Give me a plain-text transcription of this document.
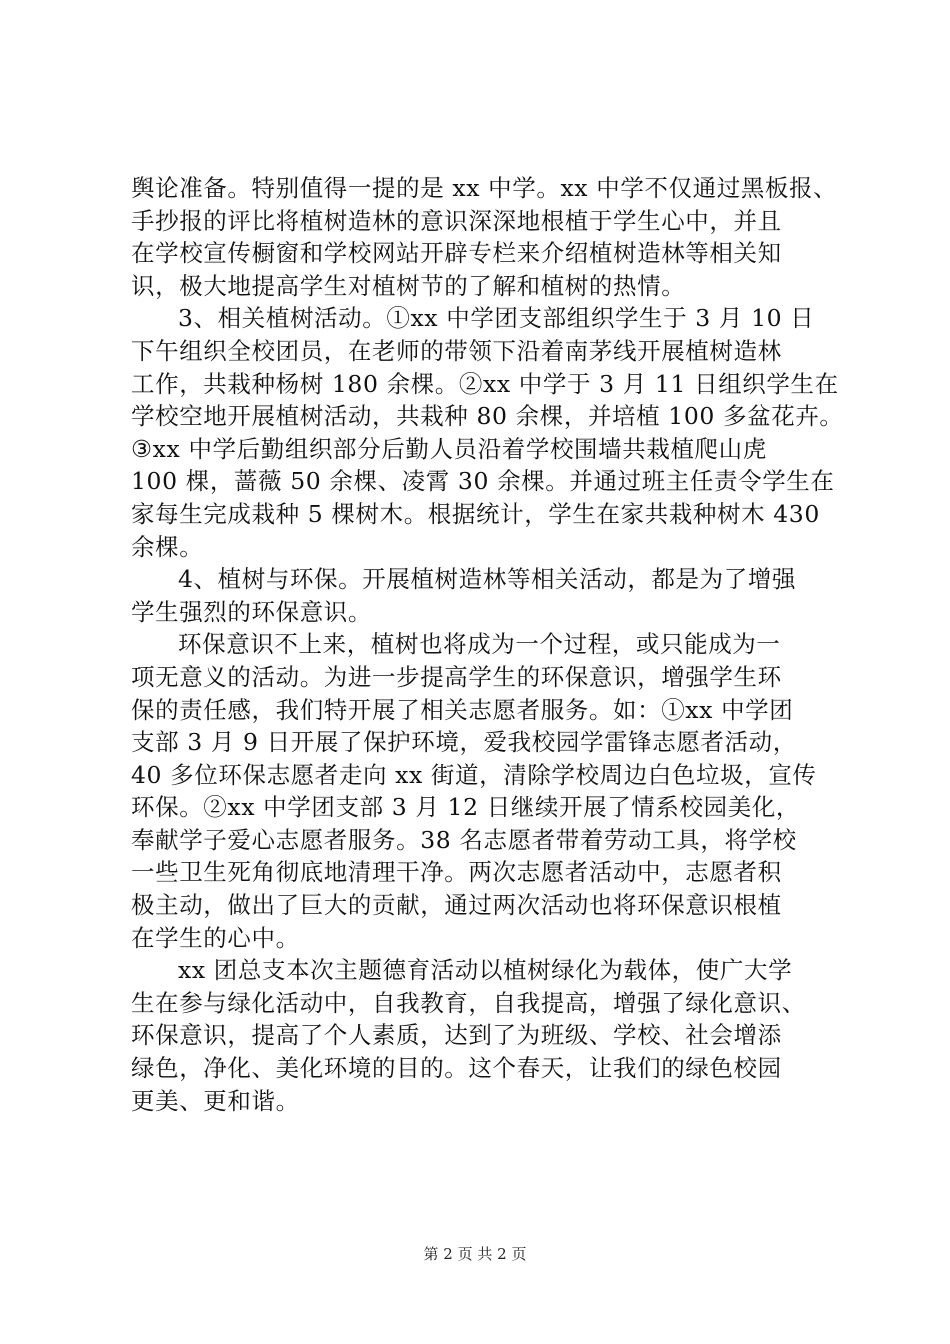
舆论准备。特别值得一提的是 xx 中学。xx 中学不仅通过黑板报、
手抄报的评比将植树造林的意识深深地根植于学生心中，并且
在学校宣传橱窗和学校网站开辟专栏来介绍植树造林等相关知
识，极大地提高学生对植树节的了解和植树的热情。
3、相关植树活动。①xx 中学团支部组织学生于 3 月 10 日
下午组织全校团员，在老师的带领下沿着南茅线开展植树造林
工作，共栽种杨树 180 余棵。②xx 中学于 3 月 11 日组织学生在
学校空地开展植树活动，共栽种 80 余棵，并培植 100 多盆花卉。
③xx 中学后勤组织部分后勤人员沿着学校围墙共栽植爬山虎
100 棵，蔷薇 50 余棵、凌霄 30 余棵。并通过班主任责令学生在
家每生完成栽种 5 棵树木。根据统计，学生在家共栽种树木 430
余棵。
4、植树与环保。开展植树造林等相关活动，都是为了增强
学生强烈的环保意识。
环保意识不上来，植树也将成为一个过程，或只能成为一
项无意义的活动。为进一步提高学生的环保意识，增强学生环
保的责任感，我们特开展了相关志愿者服务。如：①xx 中学团
支部 3 月 9 日开展了保护环境，爱我校园学雷锋志愿者活动，
40 多位环保志愿者走向 xx 街道，清除学校周边白色垃圾，宣传
环保。②xx 中学团支部 3 月 12 日继续开展了情系校园美化，
奉献学子爱心志愿者服务。38 名志愿者带着劳动工具，将学校
一些卫生死角彻底地清理干净。两次志愿者活动中，志愿者积
极主动，做出了巨大的贡献，通过两次活动也将环保意识根植
在学生的心中。
xx 团总支本次主题德育活动以植树绿化为载体，使广大学
生在参与绿化活动中，自我教育，自我提高，增强了绿化意识、
环保意识，提高了个人素质，达到了为班级、学校、社会增添
绿色，净化、美化环境的目的。这个春天，让我们的绿色校园
更美、更和谐。
第 2 页 共 2 页
